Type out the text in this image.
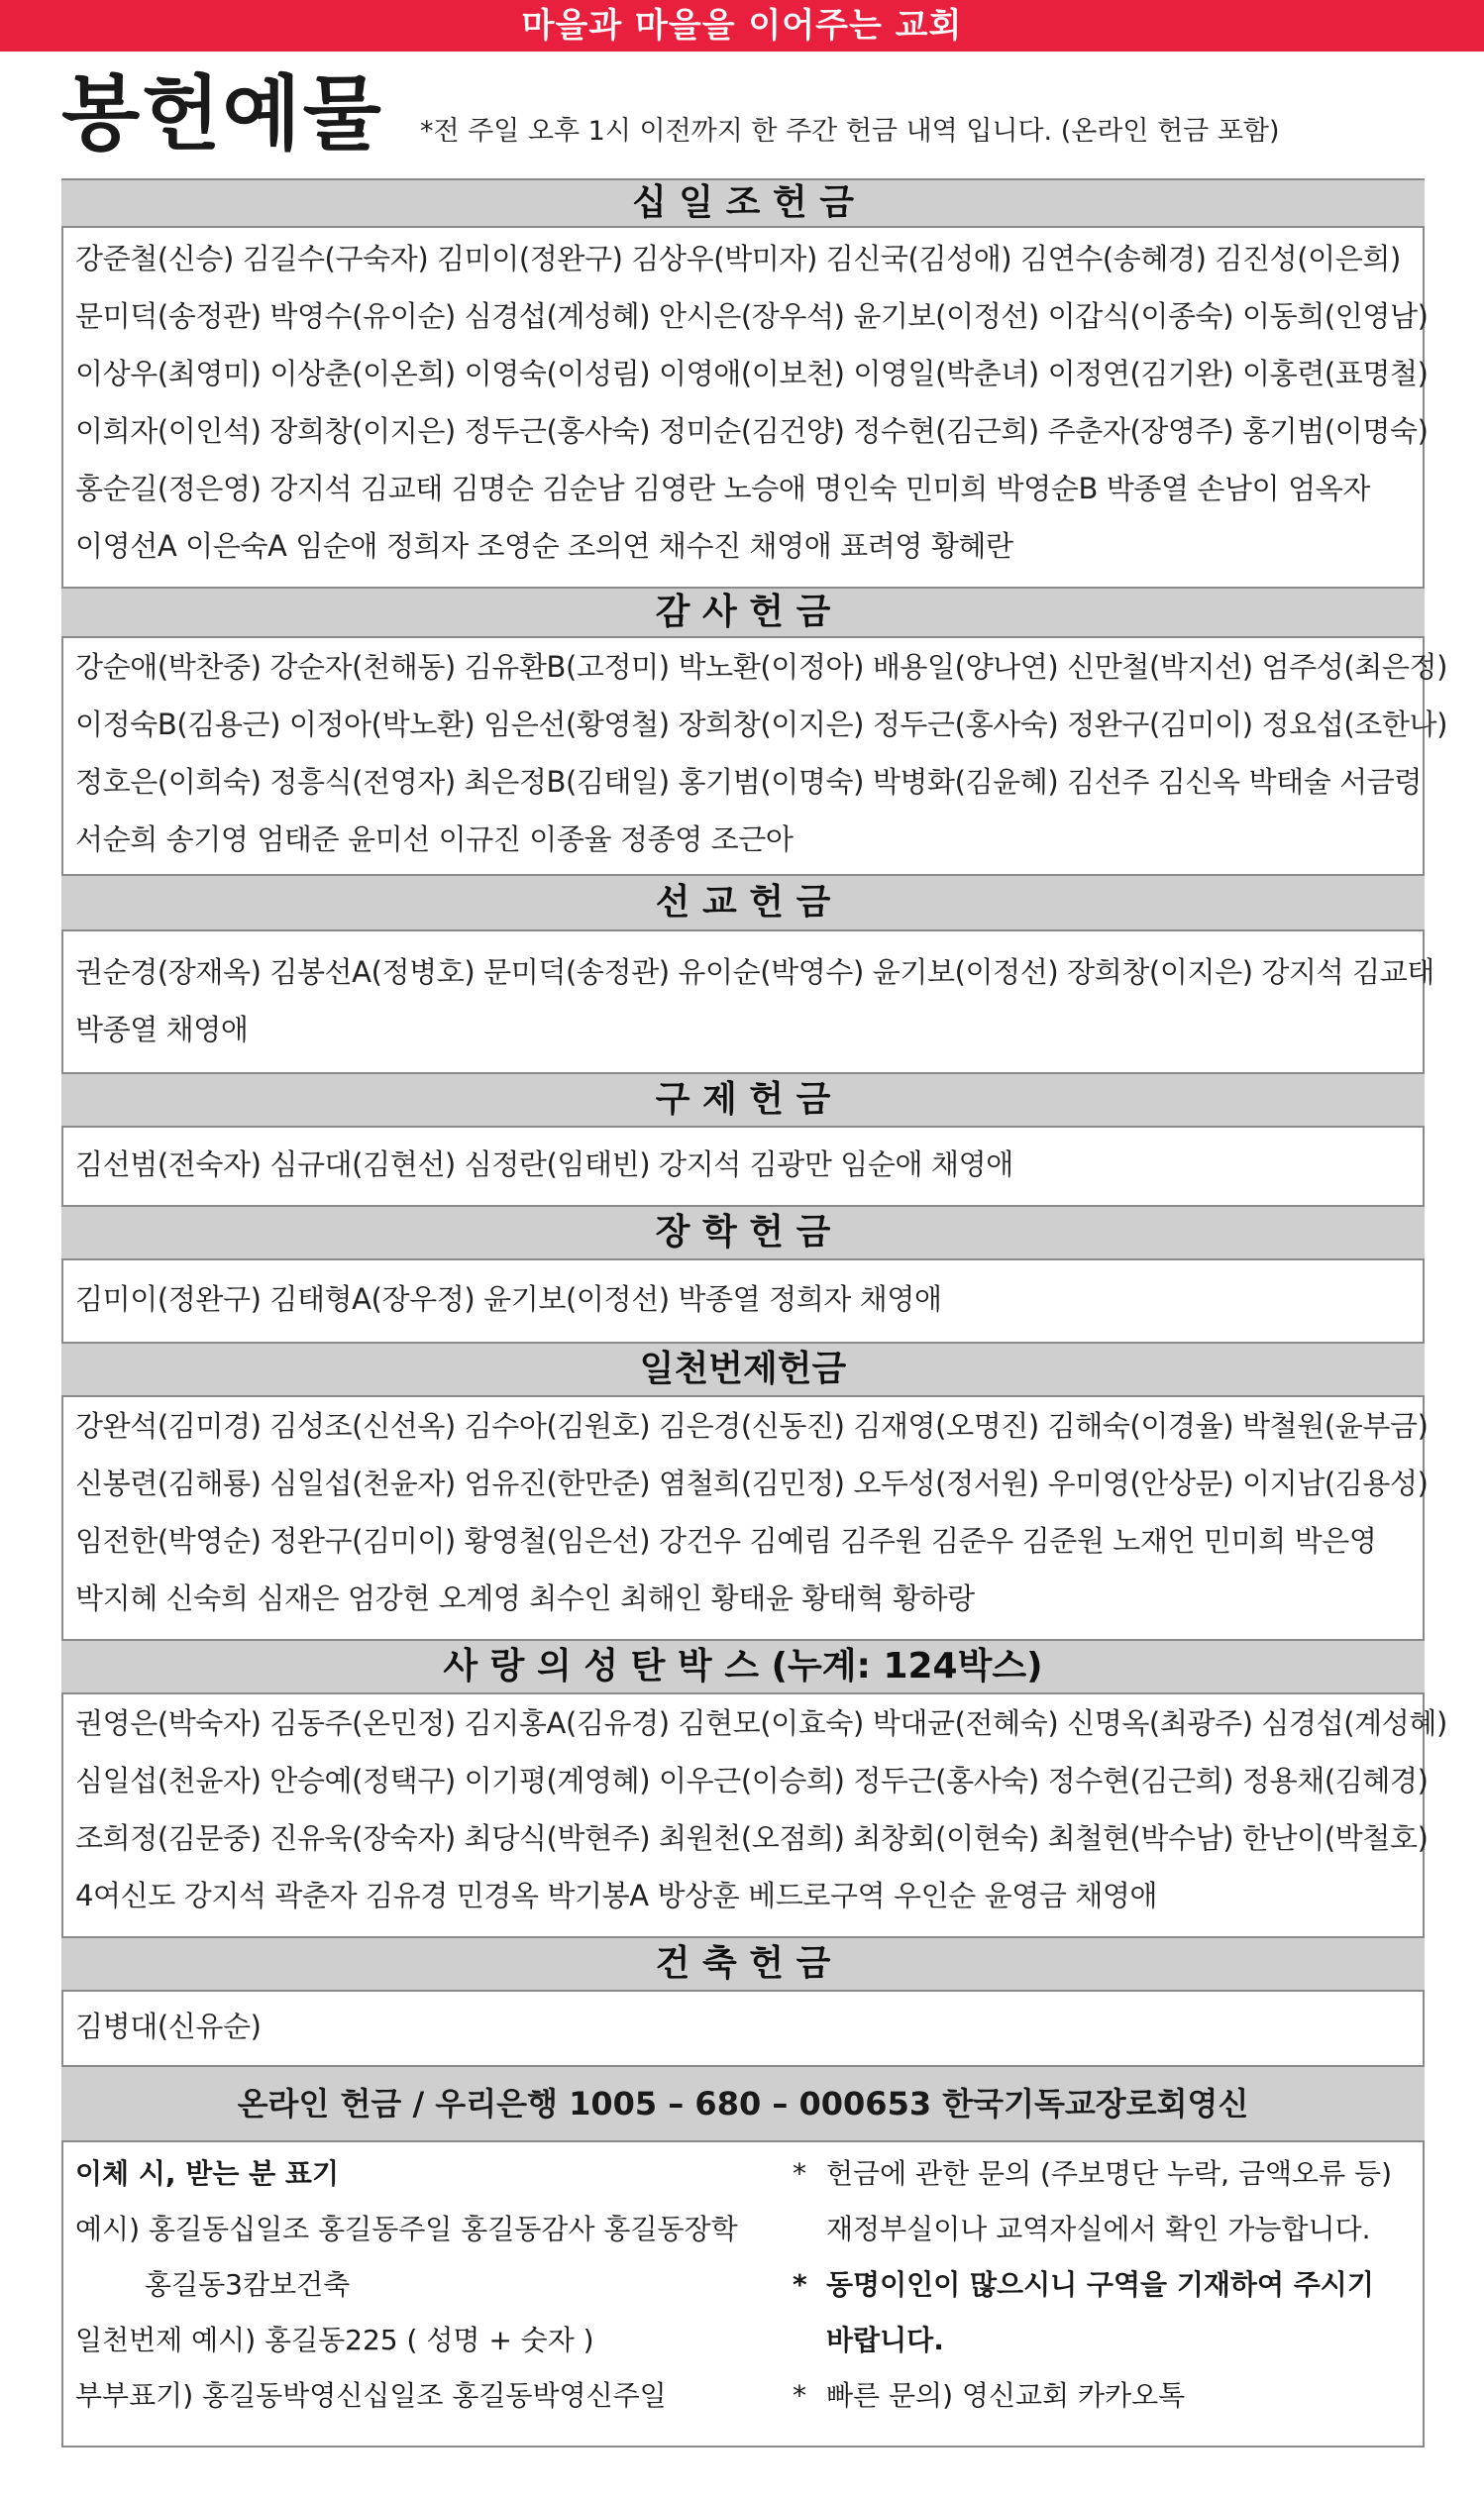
마을과 마을을 이어주는 교회
봉헌예물 *전 주일 오후 1시 이전까지 한 주간 헌금 내역 입니다. (온라인 헌금 포함)
십 일 조 헌 금
강준철(신승) 김길수(구숙자) 김미이(정완구) 김상우(박미자) 김신국(김성애) 김연수(송혜경) 김진성(이은희)
문미덕(송정관) 박영수(유이순) 심경섭(계성혜) 안시은(장우석) 윤기보(이정선) 이갑식(이종숙) 이동희(인영남)
이상우(최영미) 이상춘(이온희) 이영숙(이성림) 이영애(이보천) 이영일(박춘녀) 이정연(김기완) 이홍련(표명철)
이희자(이인석) 장희창(이지은) 정두근(홍사숙) 정미순(김건양) 정수현(김근희) 주춘자(장영주) 홍기범(이명숙)
홍순길(정은영) 강지석 김교태 김명순 김순남 김영란 노승애 명인숙 민미희 박영순B 박종열 손남이 엄옥자
이영선A 이은숙A 임순애 정희자 조영순 조의연 채수진 채영애 표려영 황혜란
감 사 헌 금
강순애(박찬중) 강순자(천해동) 김유환B(고정미) 박노환(이정아) 배용일(양나연) 신만철(박지선) 엄주성(최은정)
이정숙B(김용근) 이정아(박노환) 임은선(황영철) 장희창(이지은) 정두근(홍사숙) 정완구(김미이) 정요섭(조한나)
정호은(이희숙) 정흥식(전영자) 최은정B(김태일) 홍기범(이명숙) 박병화(김윤혜) 김선주 김신옥 박태술 서금령
서순희 송기영 엄태준 윤미선 이규진 이종율 정종영 조근아
선 교 헌 금
권순경(장재옥) 김봉선A(정병호) 문미덕(송정관) 유이순(박영수) 윤기보(이정선) 장희창(이지은) 강지석 김교태
박종열 채영애
구 제 헌 금
김선범(전숙자) 심규대(김현선) 심정란(임태빈) 강지석 김광만 임순애 채영애
장 학 헌 금
김미이(정완구) 김태형A(장우정) 윤기보(이정선) 박종열 정희자 채영애
일천번제헌금
강완석(김미경) 김성조(신선옥) 김수아(김원호) 김은경(신동진) 김재영(오명진) 김해숙(이경율) 박철원(윤부금)
신봉련(김해룡) 심일섭(천윤자) 엄유진(한만준) 염철희(김민정) 오두성(정서원) 우미영(안상문) 이지남(김용성)
임전한(박영순) 정완구(김미이) 황영철(임은선) 강건우 김예림 김주원 김준우 김준원 노재언 민미희 박은영
박지혜 신숙희 심재은 엄강현 오계영 최수인 최해인 황태윤 황태혁 황하랑
사 랑 의 성 탄 박 스 (누계: 124박스)
권영은(박숙자) 김동주(온민정) 김지홍A(김유경) 김현모(이효숙) 박대균(전혜숙) 신명옥(최광주) 심경섭(계성혜)
심일섭(천윤자) 안승예(정택구) 이기평(계영혜) 이우근(이승희) 정두근(홍사숙) 정수현(김근희) 정용채(김혜경)
조희정(김문중) 진유욱(장숙자) 최당식(박현주) 최원천(오점희) 최창회(이현숙) 최철현(박수남) 한난이(박철호)
4여신도 강지석 곽춘자 김유경 민경옥 박기봉A 방상훈 베드로구역 우인순 윤영금 채영애
건 축 헌 금
김병대(신유순)
온라인 헌금 / 우리은행 1005 – 680 – 000653 한국기독교장로회영신
이체 시, 받는 분 표기
예시) 홍길동십일조 홍길동주일 홍길동감사 홍길동장학
홍길동3캄보건축
일천번제 예시) 홍길동225 ( 성명 + 숫자 )
부부표기) 홍길동박영신십일조 홍길동박영신주일
* 헌금에 관한 문의 (주보명단 누락, 금액오류 등)
재정부실이나 교역자실에서 확인 가능합니다.
* 동명이인이 많으시니 구역을 기재하여 주시기
바랍니다.
* 빠른 문의) 영신교회 카카오톡
